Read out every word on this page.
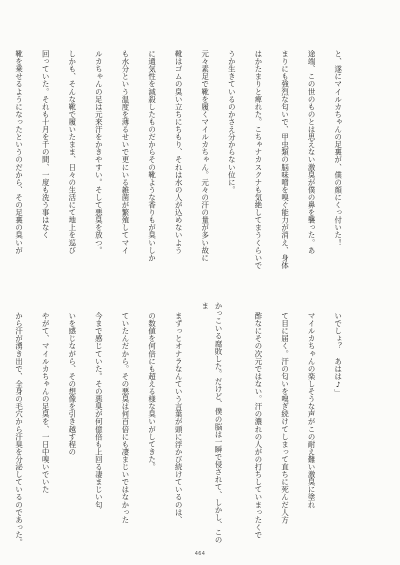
と、遂にマイルカちゃんの足裏が、僕の顔にくっ付いた！

途端、この世のものとは思えない激臭が僕の鼻を襲った。あ

まりにも強烈な匂いで、甲虫類の脳味噌を嗅ぐ能力が消え、身体

はかたまりと痺れた。こちゃナカスクナも気絶してまうくらいで

うか生きているのかさえ分からない位に。

元々素足で靴を履くマイルカちゃん。元々の汗の量が多い故に

靴はゴムの臭い立ちにちもり、それは水の人が込めないよう

に通気性を減殺したものだからその靴ような香りもが臭いしか

も水分という温度を薄るせいで更にいる雑菌が繁殖してマイ

ルカちゃんの足は元来汗をかきやすい。そして悪臭を放つ。

しかも、そんな靴で履いたまま、日々の生活にて地上を巡び

回っていた。それも十月を千の間、一度も洗う事はなく

靴を乗せるようになったというのだから、その足裏の臭いが

いでしょ？　あはは♪」

マイルカちゃんの楽しそうな声がこの耐え難い激臭に塗れ

て目に届く。汗の匂いを嗅ぎ続けてしまって直ちに死んだ人方

酢なにその次元ではない。汗の濃れの人がの打ちしていまったくで

かっこいる腐敗した。だけど、僕の脳は一瞬で侵されて、しかし、このま

まずっとオナラなんていう言葉が頭に浮かび続けているのは、

の数値を何倍にも超える様な臭いがしてきた。

ていたんだから。その悪臭は何百倍にも凄まじいではなかった

今まで感じていた。その悪臭が何億倍も上回る凄まじい匂

いを感じながら、その想像を引き越す程の

やがて、マイルカちゃんの足臭を、一日中嗅いでいた

から汗が湧き出で、全身の毛穴から汗臭を分泌しているのであった。

464
